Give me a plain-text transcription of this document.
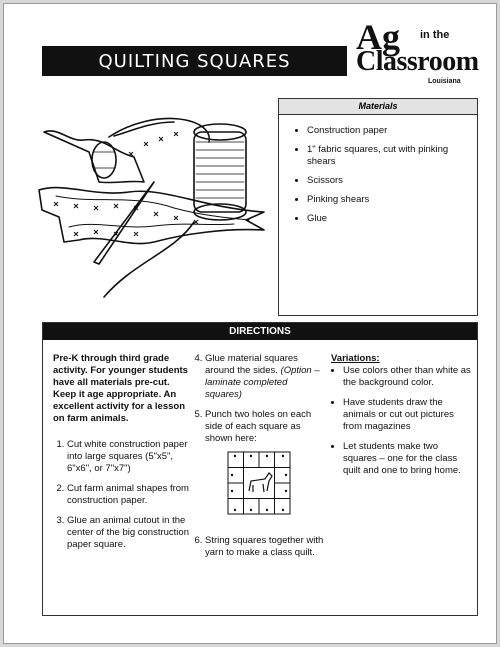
QUILTING SQUARES
Ag in the
Classroom
Louisiana
Materials
• Construction paper
• 1" fabric squares, cut with pinking shears
• Scissors
• Pinking shears
• Glue
DIRECTIONS
Pre-K through third grade activity. For younger students have all materials pre-cut. Keep it age appropriate. An excellent activity for a lesson on farm animals.
1. Cut white construction paper into large squares (5"x5", 6"x6", or 7"x7")
2. Cut farm animal shapes from construction paper.
3. Glue an animal cutout in the center of the big construction paper square.
4. Glue material squares around the sides. (Option – laminate completed squares)
5. Punch two holes on each side of each square as shown here:
6. String squares together with yarn to make a class quilt.
Variations:
• Use colors other than white as the background color.
• Have students draw the animals or cut out pictures from magazines
• Let students make two squares – one for the class quilt and one to bring home.
